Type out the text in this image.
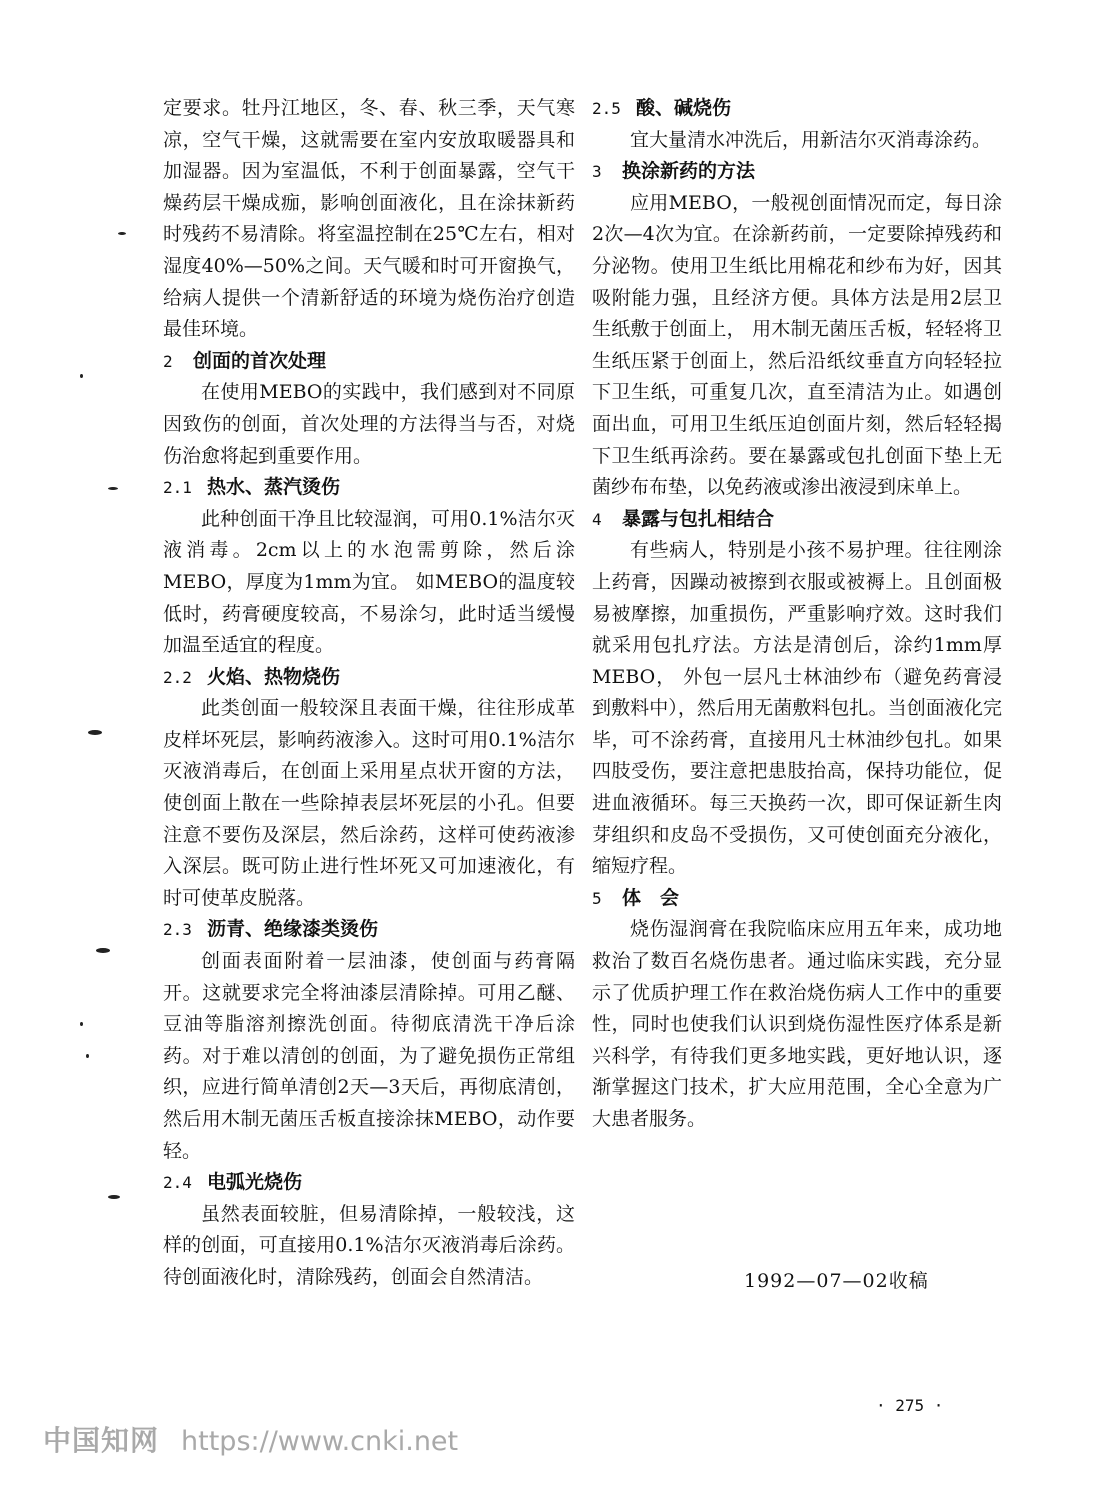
定要求。牡丹江地区，冬、春、秋三季，天气寒凉，空气干燥，这就需要在室内安放取暖器具和加湿器。因为室温低，不利于创面暴露，空气干燥药层干燥成痂，影响创面液化，且在涂抹新药时残药不易清除。将室温控制在25℃左右，相对湿度40%—50%之间。天气暖和时可开窗换气，给病人提供一个清新舒适的环境为烧伤治疗创造最佳环境。

2 创面的首次处理

在使用MEBO的实践中，我们感到对不同原因致伤的创面，首次处理的方法得当与否，对烧伤治愈将起到重要作用。

2.1 热水、蒸汽烫伤

此种创面干净且比较湿润，可用0.1%洁尔灭液消毒。2cm以上的水泡需剪除，然后涂MEBO，厚度为1mm为宜。 如MEBO的温度较低时，药膏硬度较高，不易涂匀，此时适当缓慢加温至适宜的程度。

2.2 火焰、热物烧伤

此类创面一般较深且表面干燥，往往形成革皮样坏死层，影响药液渗入。这时可用0.1%洁尔灭液消毒后，在创面上采用星点状开窗的方法，使创面上散在一些除掉表层坏死层的小孔。但要注意不要伤及深层，然后涂药，这样可使药液渗入深层。既可防止进行性坏死又可加速液化，有时可使革皮脱落。

2.3 沥青、绝缘漆类烫伤

创面表面附着一层油漆，使创面与药膏隔开。这就要求完全将油漆层清除掉。可用乙醚、豆油等脂溶剂擦洗创面。待彻底清洗干净后涂药。对于难以清创的创面，为了避免损伤正常组织，应进行简单清创2天—3天后，再彻底清创，然后用木制无菌压舌板直接涂抹MEBO，动作要轻。

2.4 电弧光烧伤

虽然表面较脏，但易清除掉，一般较浅，这样的创面，可直接用0.1%洁尔灭液消毒后涂药。待创面液化时，清除残药，创面会自然清洁。

2.5 酸、碱烧伤

宜大量清水冲洗后，用新洁尔灭消毒涂药。

3 换涂新药的方法

应用MEBO，一般视创面情况而定，每日涂2次—4次为宜。在涂新药前，一定要除掉残药和分泌物。使用卫生纸比用棉花和纱布为好，因其吸附能力强，且经济方便。具体方法是用2层卫生纸敷于创面上， 用木制无菌压舌板，轻轻将卫生纸压紧于创面上，然后沿纸纹垂直方向轻轻拉下卫生纸，可重复几次，直至清洁为止。如遇创面出血，可用卫生纸压迫创面片刻，然后轻轻揭下卫生纸再涂药。要在暴露或包扎创面下垫上无菌纱布布垫，以免药液或渗出液浸到床单上。

4 暴露与包扎相结合

有些病人，特别是小孩不易护理。往往刚涂上药膏，因躁动被擦到衣服或被褥上。且创面极易被摩擦，加重损伤，严重影响疗效。这时我们就采用包扎疗法。方法是清创后，涂约1mm厚MEBO， 外包一层凡士林油纱布（避免药膏浸到敷料中），然后用无菌敷料包扎。当创面液化完毕，可不涂药膏，直接用凡士林油纱包扎。如果四肢受伤，要注意把患肢抬高，保持功能位，促进血液循环。每三天换药一次，即可保证新生肉芽组织和皮岛不受损伤，又可使创面充分液化，缩短疗程。

5 体　会

烧伤湿润膏在我院临床应用五年来，成功地救治了数百名烧伤患者。通过临床实践，充分显示了优质护理工作在救治烧伤病人工作中的重要性，同时也使我们认识到烧伤湿性医疗体系是新兴科学，有待我们更多地实践，更好地认识，逐渐掌握这门技术，扩大应用范围，全心全意为广大患者服务。

1992—07—02收稿
· 275 ·
中国知网 https://www.cnki.net
